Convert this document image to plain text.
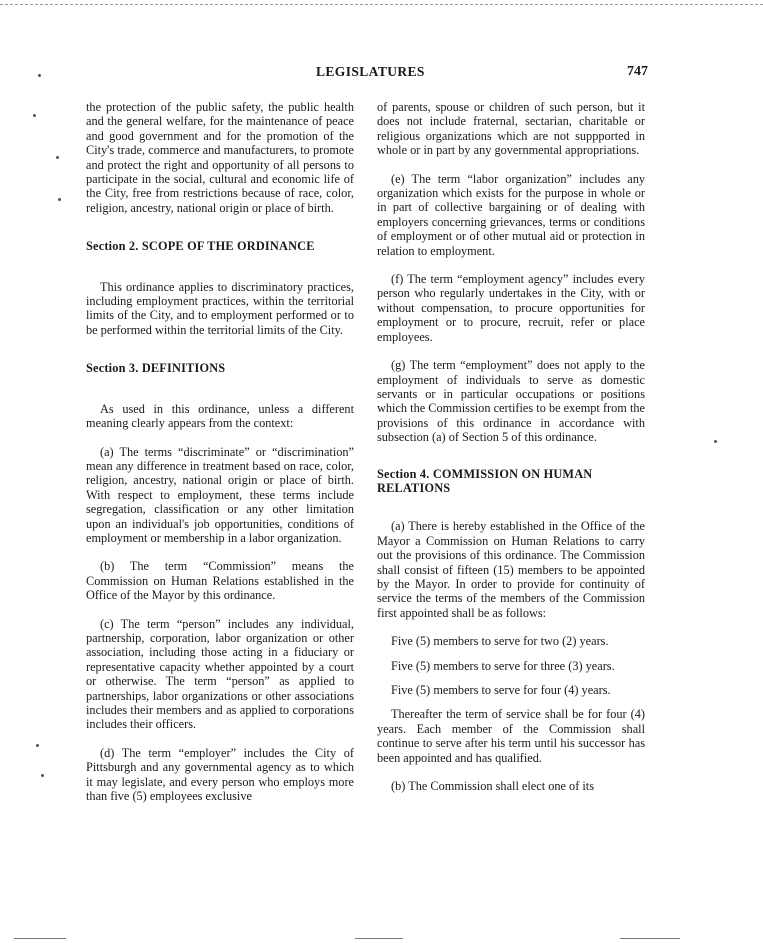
LEGISLATURES	747

the protection of the public safety, the public health and the general welfare, for the maintenance of peace and good government and for the promotion of the City's trade, commerce and manufacturers, to promote and protect the right and opportunity of all persons to participate in the social, cultural and economic life of the City, free from restrictions because of race, color, religion, ancestry, national origin or place of birth.

Section 2. SCOPE OF THE ORDINANCE

This ordinance applies to discriminatory practices, including employment practices, within the territorial limits of the City, and to employment performed or to be performed within the territorial limits of the City.

Section 3. DEFINITIONS

As used in this ordinance, unless a different meaning clearly appears from the context:

(a) The terms “discriminate” or “discrimination” mean any difference in treatment based on race, color, religion, ancestry, national origin or place of birth. With respect to employment, these terms include segregation, classification or any other limitation upon an individual's job opportunities, conditions of employment or membership in a labor organization.

(b) The term “Commission” means the Commission on Human Relations established in the Office of the Mayor by this ordinance.

(c) The term “person” includes any individual, partnership, corporation, labor organization or other association, including those acting in a fiduciary or representative capacity whether appointed by a court or otherwise. The term “person” as applied to partnerships, labor organizations or other associations includes their members and as applied to corporations includes their officers.

(d) The term “employer” includes the City of Pittsburgh and any governmental agency as to which it may legislate, and every person who employs more than five (5) employees exclusive

of parents, spouse or children of such person, but it does not include fraternal, sectarian, charitable or religious organizations which are not suppported in whole or in part by any governmental appropriations.

(e) The term “labor organization” includes any organization which exists for the purpose in whole or in part of collective bargaining or of dealing with employers concerning grievances, terms or conditions of employment or of other mutual aid or protection in relation to employment.

(f) The term “employment agency” includes every person who regularly undertakes in the City, with or without compensation, to procure opportunities for employment or to procure, recruit, refer or place employees.

(g) The term “employment” does not apply to the employment of individuals to serve as domestic servants or in particular occupations or positions which the Commission certifies to be exempt from the provisions of this ordinance in accordance with subsection (a) of Section 5 of this ordinance.

Section 4. COMMISSION ON HUMAN RELATIONS

(a) There is hereby established in the Office of the Mayor a Commission on Human Relations to carry out the provisions of this ordinance. The Commission shall consist of fifteen (15) members to be appointed by the Mayor. In order to provide for continuity of service the terms of the members of the Commission first appointed shall be as follows:

Five (5) members to serve for two (2) years.

Five (5) members to serve for three (3) years.

Five (5) members to serve for four (4) years.

Thereafter the term of service shall be for four (4) years. Each member of the Commission shall continue to serve after his term until his successor has been appointed and has qualified.

(b) The Commission shall elect one of its
